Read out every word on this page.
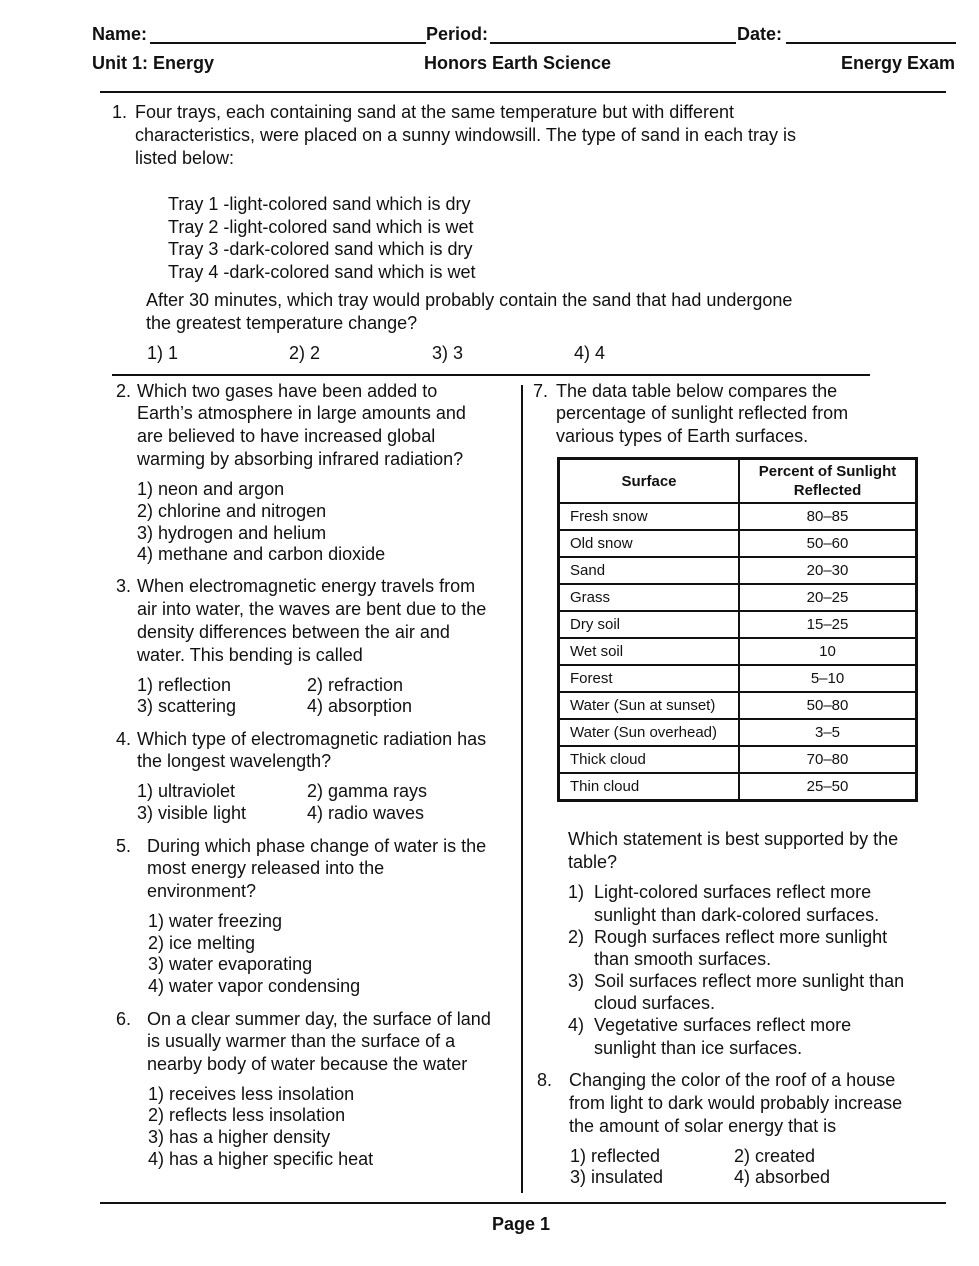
Name:	Period:	Date:
Unit 1: Energy	Honors Earth Science	Energy Exam
Page 1
Surface	Percent of Sunlight Reflected
Fresh snow	80–85
Old snow	50–60
Sand	20–30
Grass	20–25
Dry soil	15–25
Wet soil	10
Forest	5–10
Water (Sun at sunset)	50–80
Water (Sun overhead)	3–5
Thick cloud	70–80
Thin cloud	25–50
1. Four trays, each containing sand at the same temperature but with different
characteristics, were placed on a sunny windowsill. The type of sand in each tray is
listed below:
Tray 1 -light-colored sand which is dry
Tray 2 -light-colored sand which is wet
Tray 3 -dark-colored sand which is dry
Tray 4 -dark-colored sand which is wet
After 30 minutes, which tray would probably contain the sand that had undergone
the greatest temperature change?
1) 1	2) 2	3) 3	4) 4
2. Which two gases have been added to
Earth’s atmosphere in large amounts and
are believed to have increased global
warming by absorbing infrared radiation?
1) neon and argon
2) chlorine and nitrogen
3) hydrogen and helium
4) methane and carbon dioxide
3. When electromagnetic energy travels from
air into water, the waves are bent due to the
density differences between the air and
water. This bending is called
1) reflection	2) refraction
3) scattering	4) absorption
4. Which type of electromagnetic radiation has
the longest wavelength?
1) ultraviolet	2) gamma rays
3) visible light	4) radio waves
5. During which phase change of water is the
most energy released into the
environment?
1) water freezing
2) ice melting
3) water evaporating
4) water vapor condensing
6. On a clear summer day, the surface of land
is usually warmer than the surface of a
nearby body of water because the water
1) receives less insolation
2) reflects less insolation
3) has a higher density
4) has a higher specific heat
7. The data table below compares the
percentage of sunlight reflected from
various types of Earth surfaces.
Which statement is best supported by the
table?
1) Light-colored surfaces reflect more
sunlight than dark-colored surfaces.
2) Rough surfaces reflect more sunlight
than smooth surfaces.
3) Soil surfaces reflect more sunlight than
cloud surfaces.
4) Vegetative surfaces reflect more
sunlight than ice surfaces.
8. Changing the color of the roof of a house
from light to dark would probably increase
the amount of solar energy that is
1) reflected	2) created
3) insulated	4) absorbed
